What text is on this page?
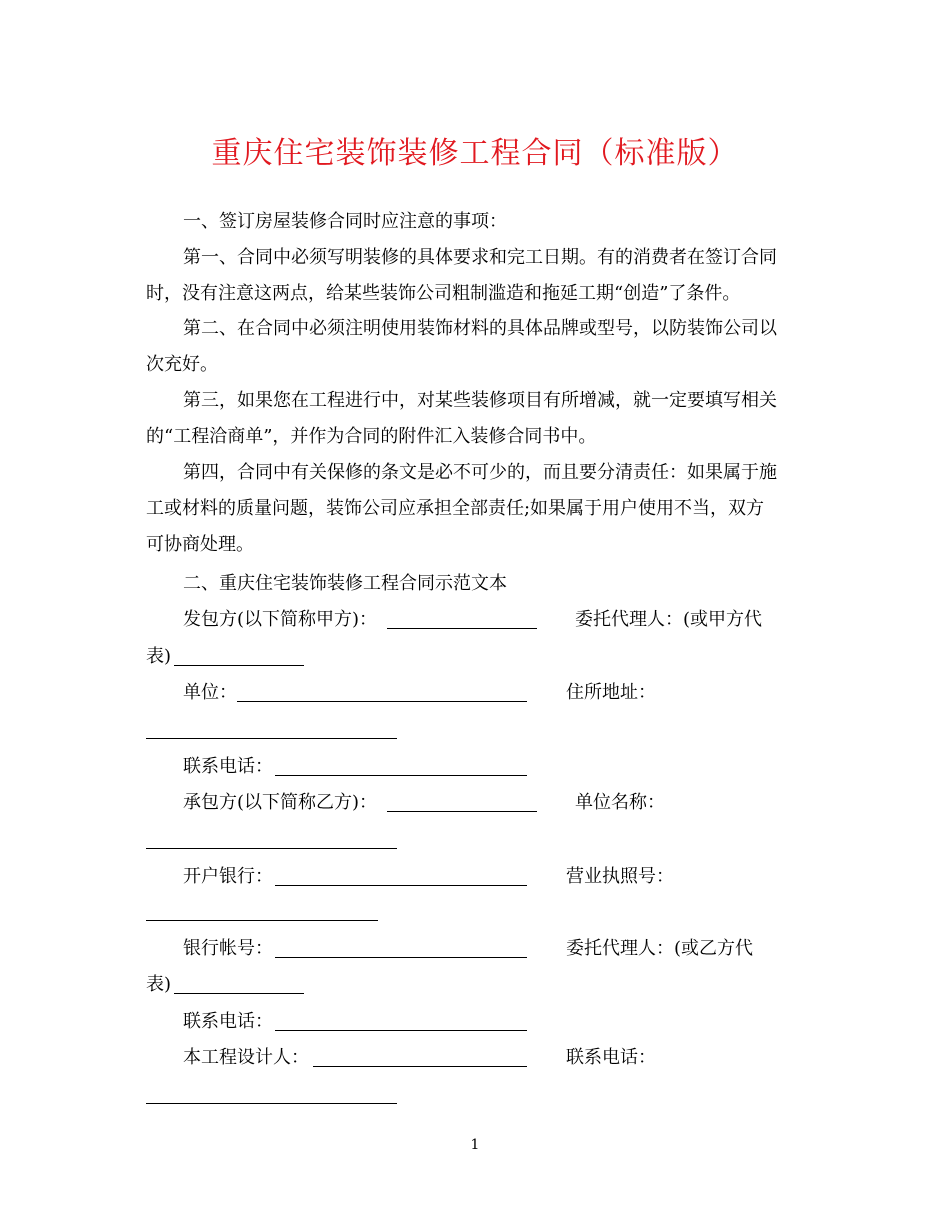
重庆住宅装饰装修工程合同（标准版）
一、签订房屋装修合同时应注意的事项：
第一、合同中必须写明装修的具体要求和完工日期。有的消费者在签订合同
时，没有注意这两点，给某些装饰公司粗制滥造和拖延工期“创造”了条件。
第二、在合同中必须注明使用装饰材料的具体品牌或型号，以防装饰公司以
次充好。
第三，如果您在工程进行中，对某些装修项目有所增减，就一定要填写相关
的“工程洽商单”，并作为合同的附件汇入装修合同书中。
第四，合同中有关保修的条文是必不可少的，而且要分清责任：如果属于施
工或材料的质量问题，装饰公司应承担全部责任;如果属于用户使用不当，双方
可协商处理。
二、重庆住宅装饰装修工程合同示范文本
发包方(以下简称甲方)：	委托代理人：(或甲方代
表)
单位：	住所地址：
联系电话：
承包方(以下简称乙方)：	单位名称：
开户银行：	营业执照号：
银行帐号：	委托代理人：(或乙方代
表)
联系电话：
本工程设计人：	联系电话：
1
